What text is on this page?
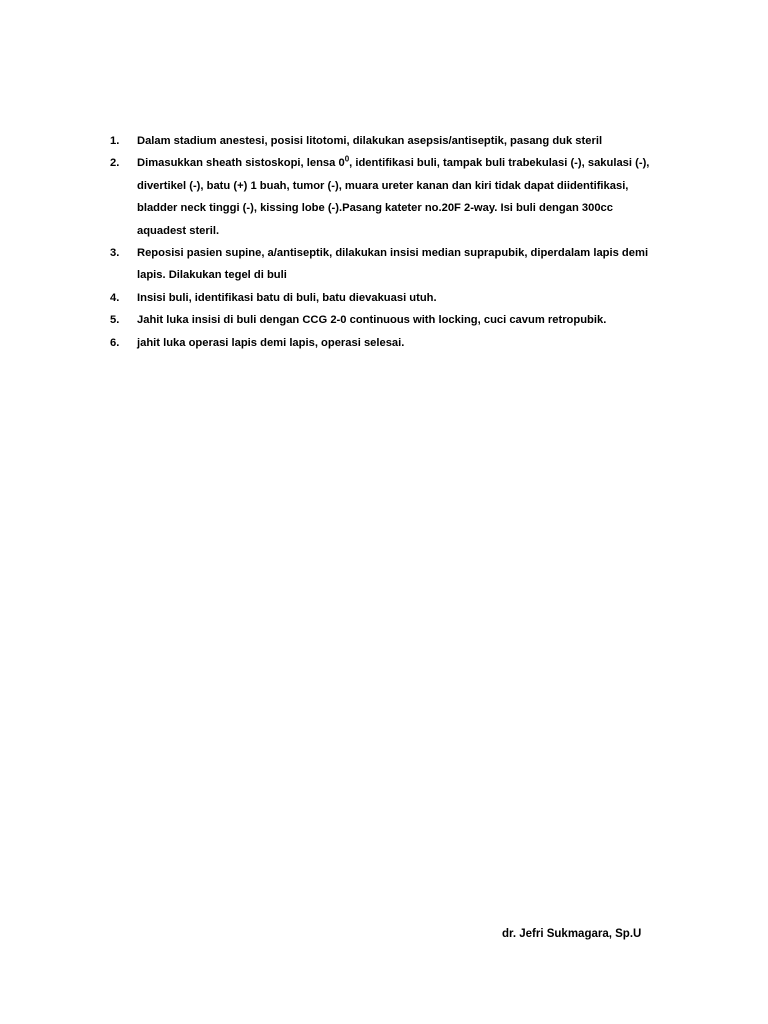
1.	Dalam stadium anestesi, posisi litotomi, dilakukan asepsis/antiseptik, pasang duk steril
2.	Dimasukkan sheath sistoskopi, lensa $0^0$, identifikasi buli, tampak buli trabekulasi (-), sakulasi (-),
divertikel (-), batu (+) 1 buah, tumor (-), muara ureter kanan dan kiri tidak dapat diidentifikasi,
bladder neck tinggi (-), kissing lobe (-).Pasang kateter no.20F 2-way. Isi buli dengan 300cc
aquadest steril.
3.	Reposisi pasien supine, a/antiseptik, dilakukan insisi median suprapubik, diperdalam lapis demi
lapis. Dilakukan tegel di buli
4.	Insisi buli, identifikasi batu di buli, batu dievakuasi utuh.
5.	Jahit luka insisi di buli dengan CCG 2-0 continuous with locking, cuci cavum retropubik.
6.	jahit luka operasi lapis demi lapis, operasi selesai.
dr. Jefri Sukmagara, Sp.U
